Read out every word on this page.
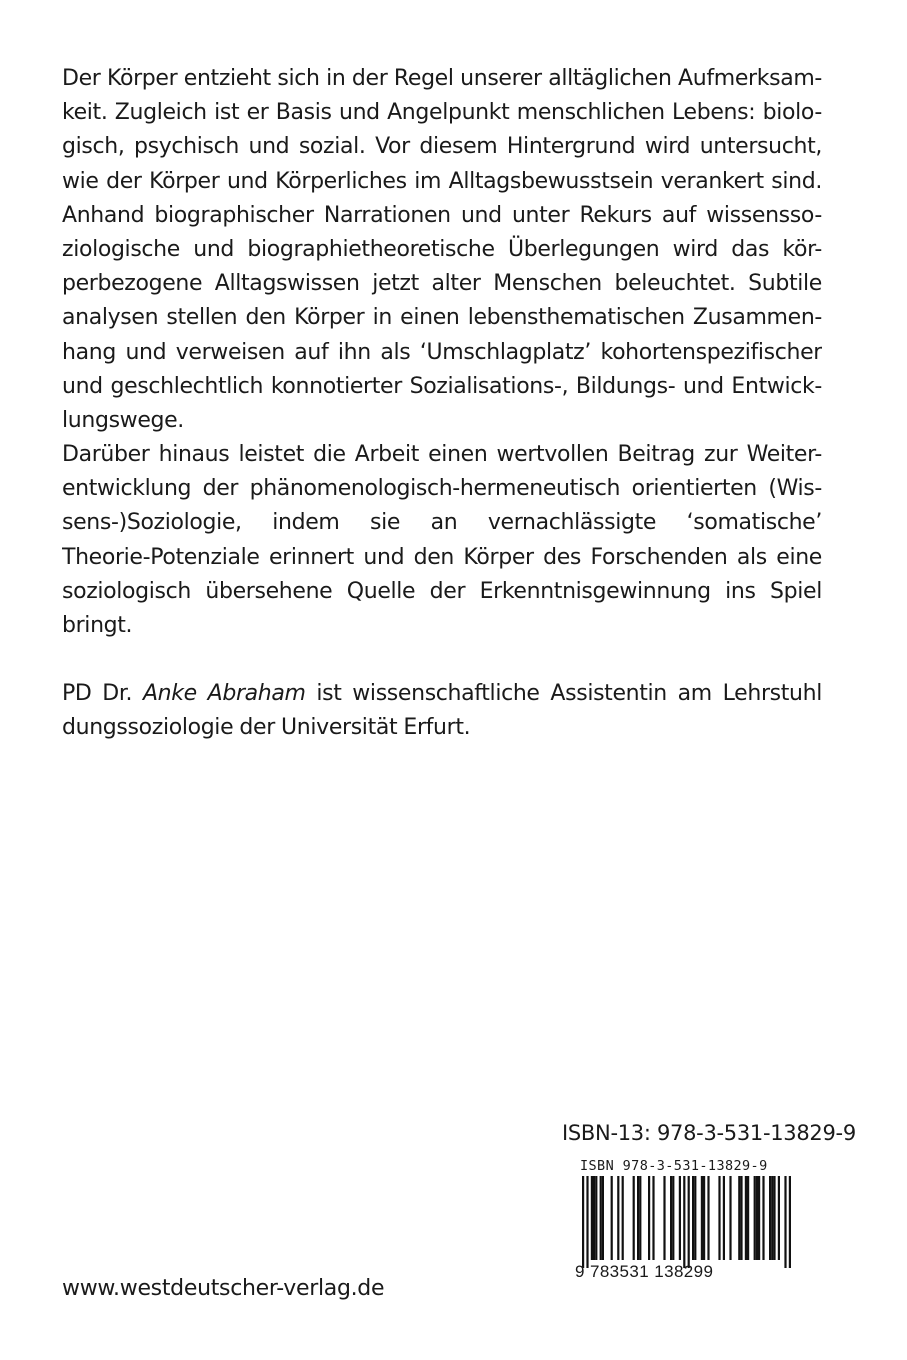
Der Körper entzieht sich in der Regel unserer alltäglichen Aufmerksam-
keit. Zugleich ist er Basis und Angelpunkt menschlichen Lebens: biolo-
gisch, psychisch und sozial. Vor diesem Hintergrund wird untersucht,
wie der Körper und Körperliches im Alltagsbewusstsein verankert sind.
Anhand biographischer Narrationen und unter Rekurs auf wissensso-
ziologische und biographietheoretische Überlegungen wird das kör-
perbezogene Alltagswissen jetzt alter Menschen beleuchtet. Subtile
analysen stellen den Körper in einen lebensthematischen Zusammen-
hang und verweisen auf ihn als ‘Umschlagplatz’ kohortenspezifischer
und geschlechtlich konnotierter Sozialisations-, Bildungs- und Entwick-
lungswege.
Darüber hinaus leistet die Arbeit einen wertvollen Beitrag zur Weiter-
entwicklung der phänomenologisch-hermeneutisch orientierten (Wis-
sens-)Soziologie, indem sie an vernachlässigte ‘somatische’
Theorie-Potenziale erinnert und den Körper des Forschenden als eine
soziologisch übersehene Quelle der Erkenntnisgewinnung ins Spiel
bringt.
PD Dr. Anke Abraham ist wissenschaftliche Assistentin am Lehrstuhl
dungssoziologie der Universität Erfurt.
ISBN-13: 978-3-531-13829-9
ISBN 978-3-531-13829-9
9 783531 138299
www.westdeutscher-verlag.de
